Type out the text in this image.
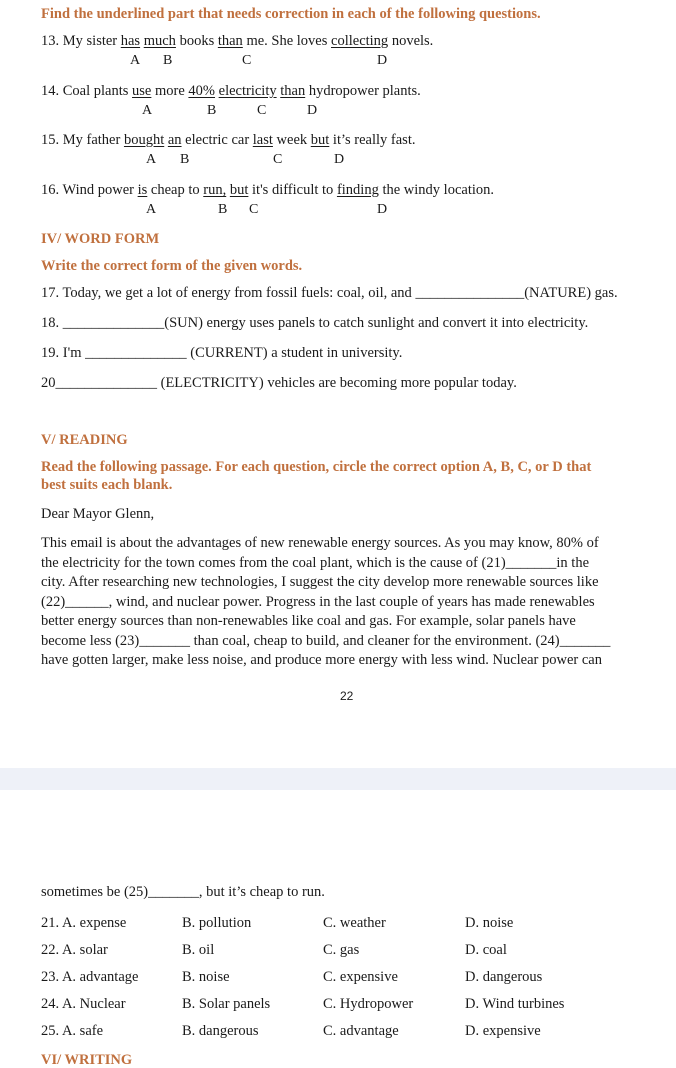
Find the underlined part that needs correction in each of the following questions.
13. My sister has much books than me. She loves collecting novels.
A B	C	D
14. Coal plants use more 40% electricity than hydropower plants.
A	B	C	D
15. My father bought an electric car last week but it’s really fast.
A B	C	D
16. Wind power is cheap to run, but it's difficult to finding the windy location.
A	B C	D
IV/ WORD FORM
Write the correct form of the given words.
17. Today, we get a lot of energy from fossil fuels: coal, oil, and _______________(NATURE) gas.
18. ______________(SUN) energy uses panels to catch sunlight and convert it into electricity.
19. I'm ______________ (CURRENT) a student in university.
20______________ (ELECTRICITY) vehicles are becoming more popular today.
V/ READING
Read the following passage. For each question, circle the correct option A, B, C, or D that
best suits each blank.
Dear Mayor Glenn,
This email is about the advantages of new renewable energy sources. As you may know, 80% of
the electricity for the town comes from the coal plant, which is the cause of (21)_______in the
city. After researching new technologies, I suggest the city develop more renewable sources like
(22)______, wind, and nuclear power. Progress in the last couple of years has made renewables
better energy sources than non-renewables like coal and gas. For example, solar panels have
become less (23)_______ than coal, cheap to build, and cleaner for the environment. (24)_______
have gotten larger, make less noise, and produce more energy with less wind. Nuclear power can
22
sometimes be (25)_______, but it’s cheap to run.
21. A. expense	B. pollution	C. weather	D. noise
22. A. solar	B. oil	C. gas	D. coal
23. A. advantage	B. noise	C. expensive	D. dangerous
24. A. Nuclear	B. Solar panels	C. Hydropower	D. Wind turbines
25. A. safe	B. dangerous	C. advantage	D. expensive
VI/ WRITING
